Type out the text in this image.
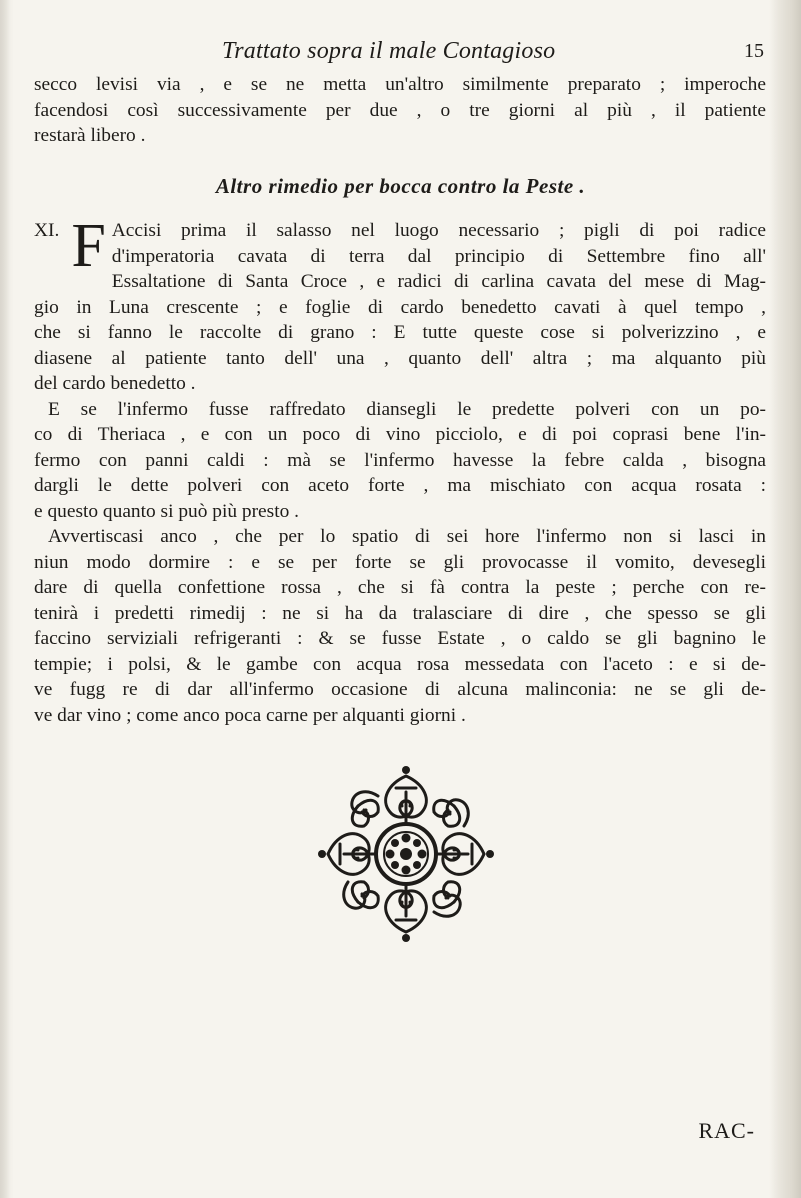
Trattato sopra il male Contagioso	15
secco levisi via , e se ne metta un'altro similmente preparato ; imperoche
facendosi così successivamente per due , o tre giorni al più , il patiente
restarà libero .
Altro rimedio per bocca contro la Peste .
XI. F Accisi prima il salasso nel luogo necessario ; pigli di poi radice
d'imperatoria cavata di terra dal principio di Settembre fino all'
Essaltatione di Santa Croce , e radici di carlina cavata del mese di Mag-
gio in Luna crescente ; e foglie di cardo benedetto cavati à quel tempo ,
che si fanno le raccolte di grano : E tutte queste cose si polverizzino , e
diasene al patiente tanto dell' una , quanto dell' altra ; ma alquanto più
del cardo benedetto .
E se l'infermo fusse raffredato diansegli le predette polveri con un po-
co di Theriaca , e con un poco di vino picciolo, e di poi coprasi bene l'in-
fermo con panni caldi : mà se l'infermo havesse la febre calda , bisogna
dargli le dette polveri con aceto forte , ma mischiato con acqua rosata :
e questo quanto si può più presto .
Avvertiscasi anco , che per lo spatio di sei hore l'infermo non si lasci in
niun modo dormire : e se per forte se gli provocasse il vomito, devesegli
dare di quella confettione rossa , che si fà contra la peste ; perche con re-
tenirà i predetti rimedij : ne si ha da tralasciare di dire , che spesso se gli
faccino serviziali refrigeranti : & se fusse Estate , o caldo se gli bagnino le
tempie; i polsi, & le gambe con acqua rosa messedata con l'aceto : e si de-
ve fugg re di dar all'infermo occasione di alcuna malinconia: ne se gli de-
ve dar vino ; come anco poca carne per alquanti giorni .
RAC-
